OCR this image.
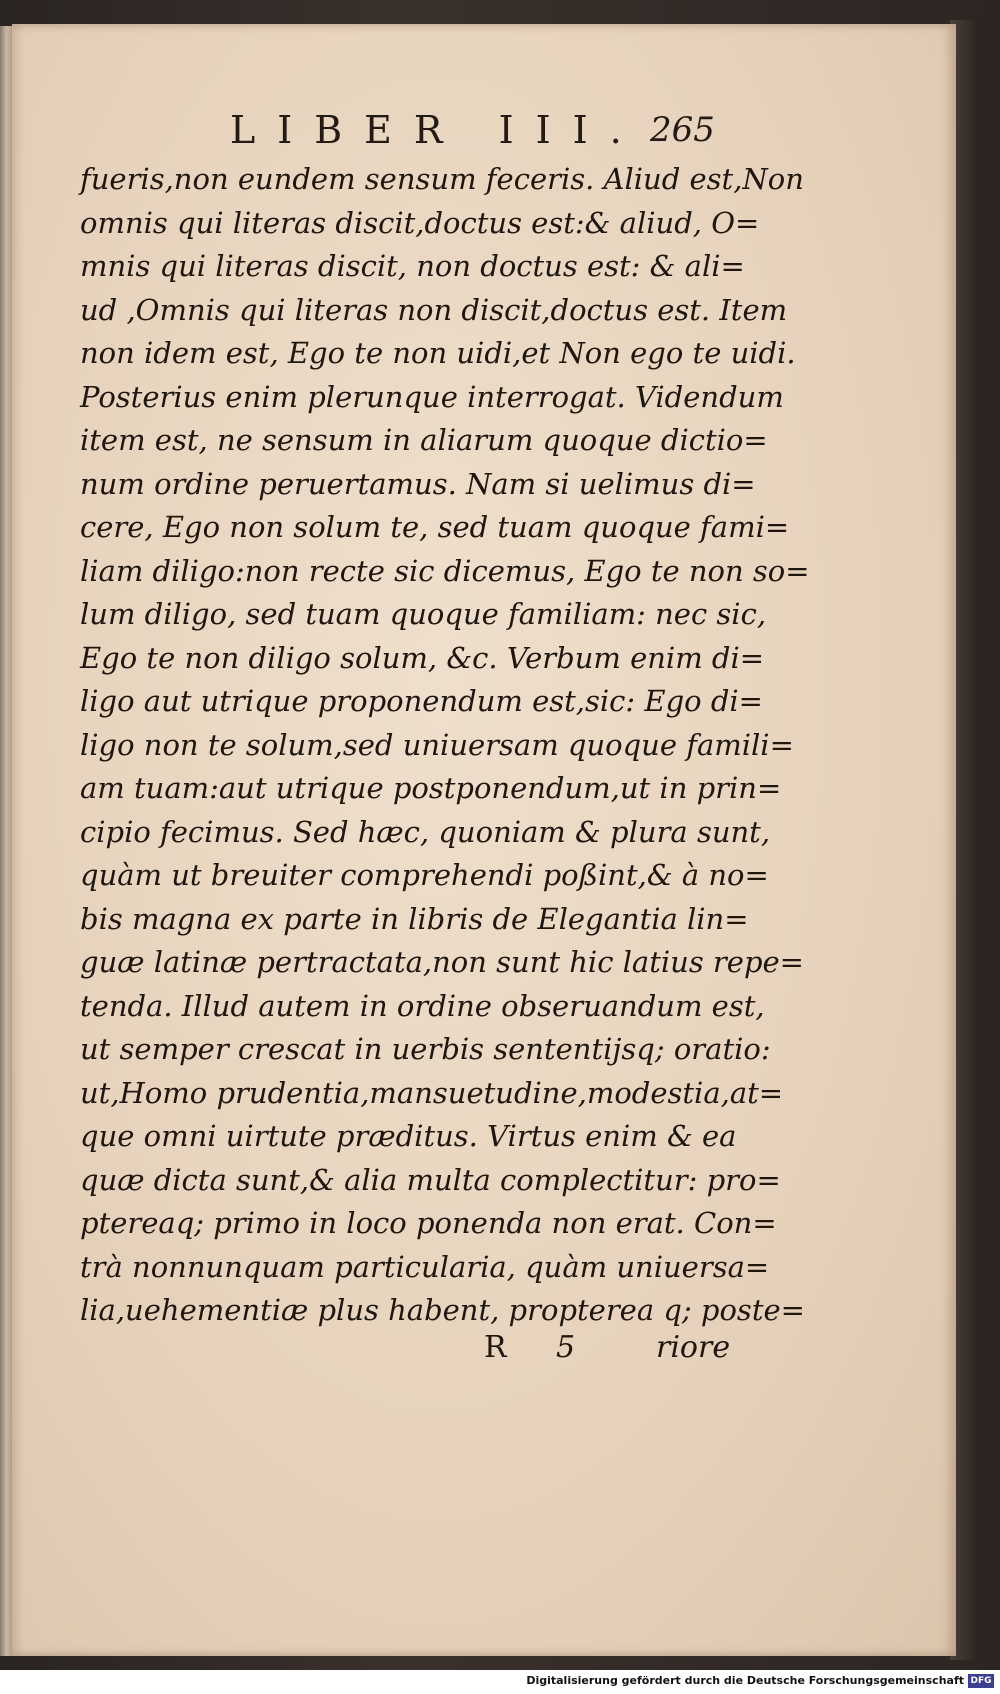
LIBER III. 265
fueris,non eundem sensum feceris. Aliud est,Non
omnis qui literas discit,doctus est:& aliud, O=
mnis qui literas discit, non doctus est: & ali=
ud ,Omnis qui literas non discit,doctus est. Item
non idem est, Ego te non uidi,et Non ego te uidi.
Posterius enim plerunque interrogat. Videndum
item est, ne sensum in aliarum quoque dictio=
num ordine peruertamus. Nam si uelimus di=
cere, Ego non solum te, sed tuam quoque fami=
liam diligo:non recte sic dicemus, Ego te non so=
lum diligo, sed tuam quoque familiam: nec sic,
Ego te non diligo solum, &c. Verbum enim di=
ligo aut utrique proponendum est,sic: Ego di=
ligo non te solum,sed uniuersam quoque famili=
am tuam:aut utrique postponendum,ut in prin=
cipio fecimus. Sed hæc, quoniam & plura sunt,
quàm ut breuiter comprehendi poßint,& à no=
bis magna ex parte in libris de Elegantia lin=
guæ latinæ pertractata,non sunt hic latius repe=
tenda. Illud autem in ordine obseruandum est,
ut semper crescat in uerbis sententijsq; oratio:
ut,Homo prudentia,mansuetudine,modestia,at=
que omni uirtute præditus. Virtus enim & ea
quæ dicta sunt,& alia multa complectitur: pro=
ptereaq; primo in loco ponenda non erat. Con=
trà nonnunquam particularia, quàm uniuersa=
lia,uehementiæ plus habent, propterea q; poste=
R 5	riore
Digitalisierung gefördert durch die Deutsche Forschungsgemeinschaft DFG
